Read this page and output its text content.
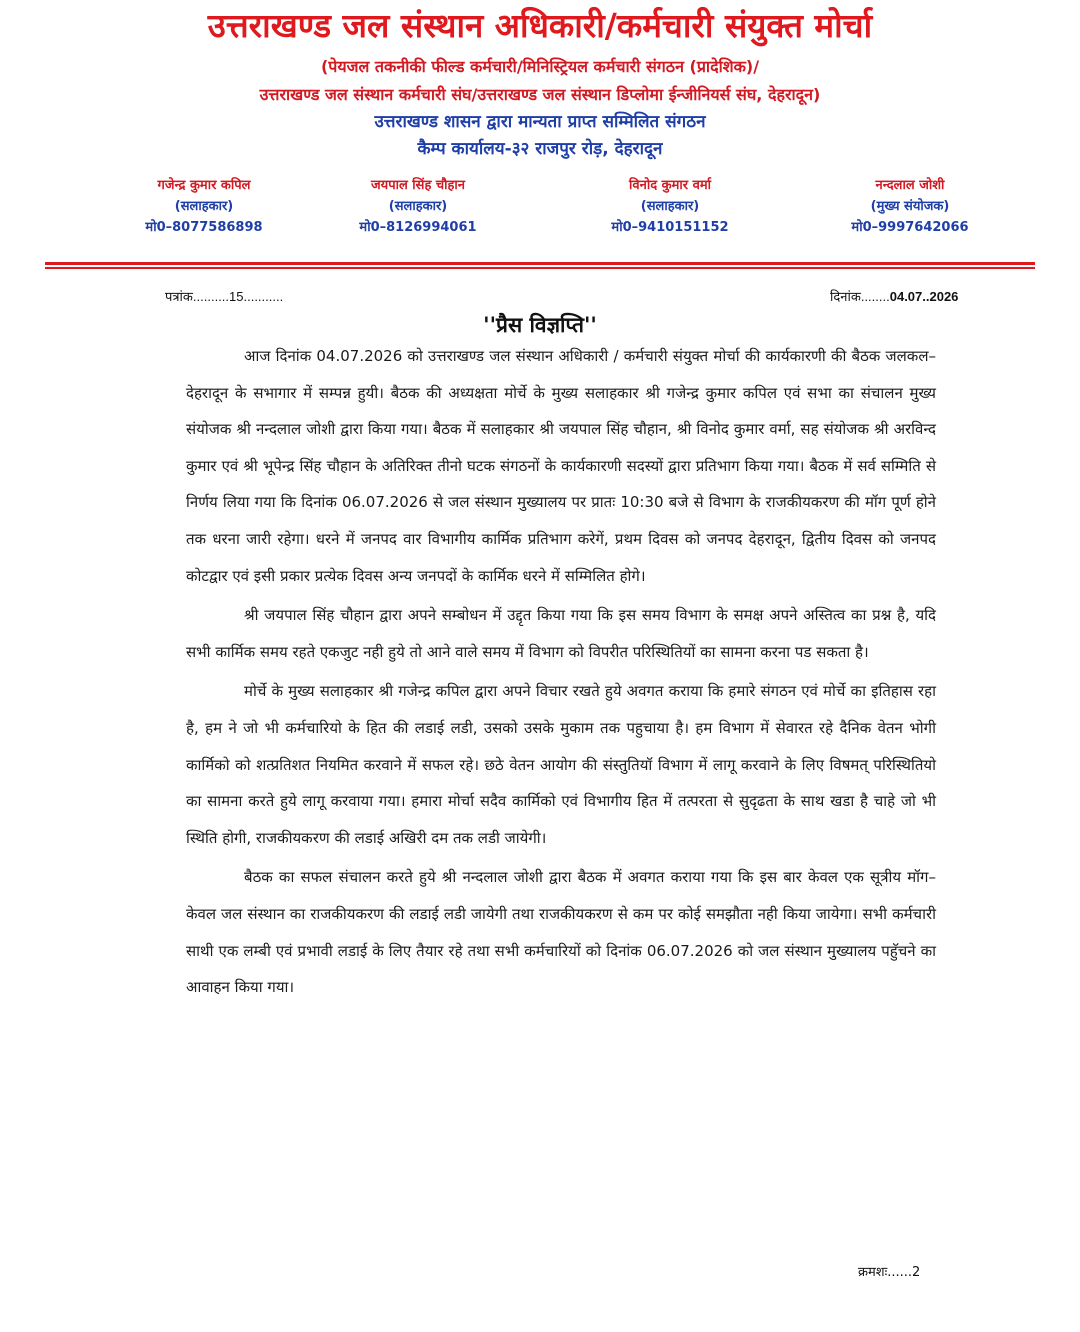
उत्तराखण्ड जल संस्थान अधिकारी/कर्मचारी संयुक्त मोर्चा
(पेयजल तकनीकी फील्ड कर्मचारी/मिनिस्ट्रियल कर्मचारी संगठन (प्रादेशिक)/
उत्तराखण्ड जल संस्थान कर्मचारी संघ/उत्तराखण्ड जल संस्थान डिप्लोमा ईन्जीनियर्स संघ, देहरादून)
उत्तराखण्ड शासन द्वारा मान्यता प्राप्त सम्मिलित संगठन
कैम्प कार्यालय-३२ राजपुर रोड़, देहरादून
गजेन्द्र कुमार कपिल
(सलाहकार)
मो0–8077586898
जयपाल सिंह चौहान
(सलाहकार)
मो0–8126994061
विनोद कुमार वर्मा
(सलाहकार)
मो0–9410151152
नन्दलाल जोशी
(मुख्य संयोजक)
मो0–9997642066
पत्रांक..........15...........	दिनांक........04.07..2026
''प्रैस विज्ञप्ति''

आज दिनांक 04.07.2026 को उत्तराखण्ड जल संस्थान अधिकारी / कर्मचारी संयुक्त मोर्चा की कार्यकारणी की बैठक जलकल–देहरादून के सभागार में सम्पन्न हुयी। बैठक की अध्यक्षता मोर्चे के मुख्य सलाहकार श्री गजेन्द्र कुमार कपिल एवं सभा का संचालन मुख्य संयोजक श्री नन्दलाल जोशी द्वारा किया गया। बैठक में सलाहकार श्री जयपाल सिंह चौहान, श्री विनोद कुमार वर्मा, सह संयोजक श्री अरविन्द कुमार एवं श्री भूपेन्द्र सिंह चौहान के अतिरिक्त तीनो घटक संगठनों के कार्यकारणी सदस्यों द्वारा प्रतिभाग किया गया। बैठक में सर्व सम्मिति से निर्णय लिया गया कि दिनांक 06.07.2026 से जल संस्थान मुख्यालय पर प्रातः 10:30 बजे से विभाग के राजकीयकरण की मॉग पूर्ण होने तक धरना जारी रहेगा। धरने में जनपद वार विभागीय कार्मिक प्रतिभाग करेगें, प्रथम दिवस को जनपद देहरादून, द्वितीय दिवस को जनपद कोटद्वार एवं इसी प्रकार प्रत्येक दिवस अन्य जनपदों के कार्मिक धरने में सम्मिलित होगे।

श्री जयपाल सिंह चौहान द्वारा अपने सम्बोधन में उद्दृत किया गया कि इस समय विभाग के समक्ष अपने अस्तित्व का प्रश्न है, यदि सभी कार्मिक समय रहते एकजुट नही हुये तो आने वाले समय में विभाग को विपरीत परिस्थितियों का सामना करना पड सकता है।

मोर्चे के मुख्य सलाहकार श्री गजेन्द्र कपिल द्वारा अपने विचार रखते हुये अवगत कराया कि हमारे संगठन एवं मोर्चे का इतिहास रहा है, हम ने जो भी कर्मचारियो के हित की लडाई लडी, उसको उसके मुकाम तक पहुचाया है। हम विभाग में सेवारत रहे दैनिक वेतन भोगी कार्मिको को शत्प्रतिशत नियमित करवाने में सफल रहे। छठे वेतन आयोग की संस्तुतियॉ विभाग में लागू करवाने के लिए विषमत् परिस्थितियो का सामना करते हुये लागू करवाया गया। हमारा मोर्चा सदैव कार्मिको एवं विभागीय हित में तत्परता से सुदृढता के साथ खडा है चाहे जो भी स्थिति होगी, राजकीयकरण की लडाई अखिरी दम तक लडी जायेगी।

बैठक का सफल संचालन करते हुये श्री नन्दलाल जोशी द्वारा बैठक में अवगत कराया गया कि इस बार केवल एक सूत्रीय मॉग–केवल जल संस्थान का राजकीयकरण की लडाई लडी जायेगी तथा राजकीयकरण से कम पर कोई समझौता नही किया जायेगा। सभी कर्मचारी साथी एक लम्बी एवं प्रभावी लडाई के लिए तैयार रहे तथा सभी कर्मचारियों को दिनांक 06.07.2026 को जल संस्थान मुख्यालय पहुॅचने का आवाहन किया गया।

क्रमशः......2
